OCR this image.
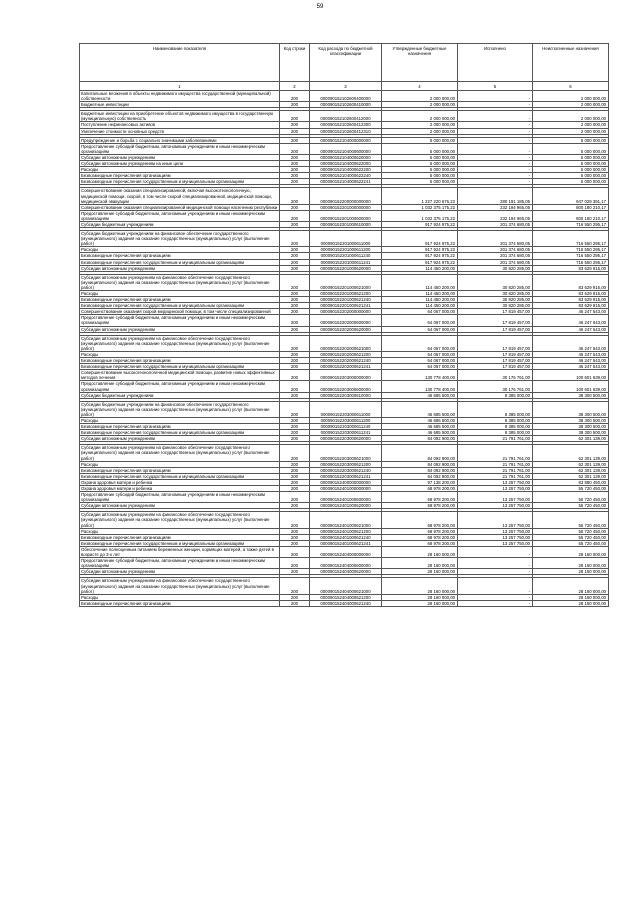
59
Наименование показателя	Код строки	Код расхода по бюджетной классификации	Утвержденные бюджетные назначения	Исполнено	Неисполненные назначения
1	2	3	4	5	6
Капитальные вложения в объекты недвижимого имущества государственной (муниципальной) собственности	200	000090152102600400000	2 000 000,00	-	2 000 000,00
Бюджетные инвестиции	200	000090152102600410000	2 000 000,00	-	2 000 000,00

Бюджетные инвестиции на приобретение объектов недвижимого имущества в государственную (муниципальную) собственность	200	000090152102600412000	2 000 000,00	-	2 000 000,00
Поступление нефинансовых активов	200	000090152102600412300	2 000 000,00	-	2 000 000,00
Увеличение стоимости основных средств	200	000090152102600412310	2 000 000,00	-	2 000 000,00

Предупреждение и борьба с социально значимыми заболеваниями	200	000090152104000000000	5 000 000,00	-	5 000 000,00
Предоставление субсидий бюджетным, автономным учреждениям и иным некоммерческим организациям	200	000090152104000600000	5 000 000,00	-	5 000 000,00
Субсидии автономным учреждениям	200	000090152104000620000	5 000 000,00	-	5 000 000,00
Субсидии автономным учреждениям на иные цели	200	000090152104000622000	5 000 000,00	-	5 000 000,00
Расходы	200	000090152104000622200	5 000 000,00	-	5 000 000,00
Безвозмездные перечисления организациям	200	000090152104000622240	5 000 000,00	-	5 000 000,00
Безвозмездные перечисления государственным и муниципальным организациям	200	000090152104000622241	5 000 000,00	-	5 000 000,00

Совершенствование оказания специализированной, включая высокотехнологичную, медицинской помощи, скорой, в том числе скорой специализированной, медицинской помощи, медицинской эвакуации	200	000090152200000000000	1 227 220 676,22	280 191 185,05	947 029 391,17
Совершенствование оказания специализированной медицинской помощи населению республики	200	000090152201000000000	1 032 375 175,22	232 194 965,05	800 180 210,17
Предоставление субсидий бюджетным, автономным учреждениям и иным некоммерческим организациям	200	000090152201000600000	1 032 375 175,22	232 194 965,05	800 180 210,17
Субсидии бюджетным учреждениям	200	000090152201000610000	917 924 975,22	201 374 680,05	716 550 295,17

Субсидии бюджетным учреждениям на финансовое обеспечение государственного (муниципального) задания на оказание государственных (муниципальных) услуг (выполнение работ)	200	000090152201000611000	917 924 975,22	201 374 680,05	716 550 295,17
Расходы	200	000090152201000611200	917 924 975,22	201 374 680,05	716 550 295,17
Безвозмездные перечисления организациям	200	000090152201000611240	917 924 975,22	201 374 680,05	716 550 295,17
Безвозмездные перечисления государственным и муниципальным организациям	200	000090152201000611241	917 924 975,22	201 374 680,05	716 550 295,17
Субсидии автономным учреждениям	200	000090152201000620000	114 450 200,00	30 820 285,00	83 629 915,00

Субсидии автономным учреждениям на финансовое обеспечение государственного (муниципального) задания на оказание государственных (муниципальных) услуг (выполнение работ)	200	000090152201000621000	114 450 200,00	30 820 285,00	83 629 915,00
Расходы	200	000090152201000621200	114 450 200,00	30 820 285,00	83 629 915,00
Безвозмездные перечисления организациям	200	000090152201000621240	114 450 200,00	30 820 285,00	83 629 915,00
Безвозмездные перечисления государственным и муниципальным организациям	200	000090152201000621241	114 450 200,00	30 820 285,00	83 629 915,00
Совершенствование оказания скорой медицинской помощи, в том числе специализированной	200	000090152202000000000	64 067 000,00	17 819 457,00	46 247 543,00
Предоставление субсидий бюджетным, автономным учреждениям и иным некоммерческим организациям	200	000090152202000600000	64 067 000,00	17 819 457,00	46 247 543,00
Субсидии автономным учреждениям	200	000090152202000620000	64 067 000,00	17 819 457,00	46 247 543,00

Субсидии автономным учреждениям на финансовое обеспечение государственного (муниципального) задания на оказание государственных (муниципальных) услуг (выполнение работ)	200	000090152202000621000	64 067 000,00	17 819 457,00	46 247 543,00
Расходы	200	000090152202000621200	64 067 000,00	17 819 457,00	46 247 543,00
Безвозмездные перечисления организациям	200	000090152202000621240	64 067 000,00	17 819 457,00	46 247 543,00
Безвозмездные перечисления государственным и муниципальным организациям	200	000090152202000621241	64 067 000,00	17 819 457,00	46 247 543,00
Совершенствование высокотехнологичной медицинской помощи, развитие новых эффективных методов лечения	200	000090152203000000000	130 778 400,00	30 176 761,00	100 601 639,00
Предоставление субсидий бюджетным, автономным учреждениям и иным некоммерческим организациям	200	000090152203000600000	130 778 400,00	30 176 761,00	100 601 639,00
Субсидии бюджетным учреждениям	200	000090152203000610000	46 685 500,00	8 385 000,00	38 300 500,00

Субсидии бюджетным учреждениям на финансовое обеспечение государственного (муниципального) задания на оказание государственных (муниципальных) услуг (выполнение работ)	200	000090152203000611000	46 685 500,00	8 385 000,00	38 300 500,00
Расходы	200	000090152203000611200	46 685 500,00	8 385 000,00	38 300 500,00
Безвозмездные перечисления организациям	200	000090152203000611240	46 685 500,00	8 385 000,00	38 300 500,00
Безвозмездные перечисления государственным и муниципальным организациям	200	000090152203000611241	46 685 500,00	8 385 000,00	38 300 500,00
Субсидии автономным учреждениям	200	000090152203000620000	84 092 900,00	21 791 761,00	62 301 139,00

Субсидии автономным учреждениям на финансовое обеспечение государственного (муниципального) задания на оказание государственных (муниципальных) услуг (выполнение работ)	200	000090152203000621000	84 092 900,00	21 791 761,00	62 301 139,00
Расходы	200	000090152203000621200	84 092 900,00	21 791 761,00	62 301 139,00
Безвозмездные перечисления организациям	200	000090152203000621240	84 092 900,00	21 791 761,00	62 301 139,00
Безвозмездные перечисления государственным и муниципальным организациям	200	000090152203000621241	84 092 900,00	21 791 761,00	62 301 139,00
Охрана здоровья матери и ребенка	200	000090152400000000000	97 138 200,00	13 257 750,00	83 880 450,00
Охрана здоровья матери и ребенка	200	000090152401000000000	68 978 200,00	13 257 750,00	55 720 450,00
Предоставление субсидий бюджетным, автономным учреждениям и иным некоммерческим организациям	200	000090152401000600000	68 978 200,00	13 257 750,00	55 720 450,00
Субсидии автономным учреждениям	200	000090152401000620000	68 978 200,00	13 257 750,00	55 720 450,00

Субсидии автономным учреждениям на финансовое обеспечение государственного (муниципального) задания на оказание государственных (муниципальных) услуг (выполнение работ)	200	000090152401000621000	68 978 200,00	13 257 750,00	55 720 450,00
Расходы	200	000090152401000621200	68 978 200,00	13 257 750,00	55 720 450,00
Безвозмездные перечисления организациям	200	000090152401000621240	68 978 200,00	13 257 750,00	55 720 450,00
Безвозмездные перечисления государственным и муниципальным организациям	200	000090152401000621241	68 978 200,00	13 257 750,00	55 720 450,00
Обеспечение полноценным питанием беременных женщин, кормящих матерей, а также детей в возрасте до 3-х лет	200	000090152404000000000	28 160 000,00	-	28 160 000,00
Предоставление субсидий бюджетным, автономным учреждениям и иным некоммерческим организациям	200	000090152404000600000	28 160 000,00	-	28 160 000,00
Субсидии автономным учреждениям	200	000090152404000620000	28 160 000,00	-	28 160 000,00

Субсидии автономным учреждениям на финансовое обеспечение государственного (муниципального) задания на оказание государственных (муниципальных) услуг (выполнение работ)	200	000090152404000621000	28 160 000,00	-	28 160 000,00
Расходы	200	000090152404000621200	28 160 000,00	-	28 160 000,00
Безвозмездные перечисления организациям	200	000090152404000621240	28 160 000,00	-	28 160 000,00
